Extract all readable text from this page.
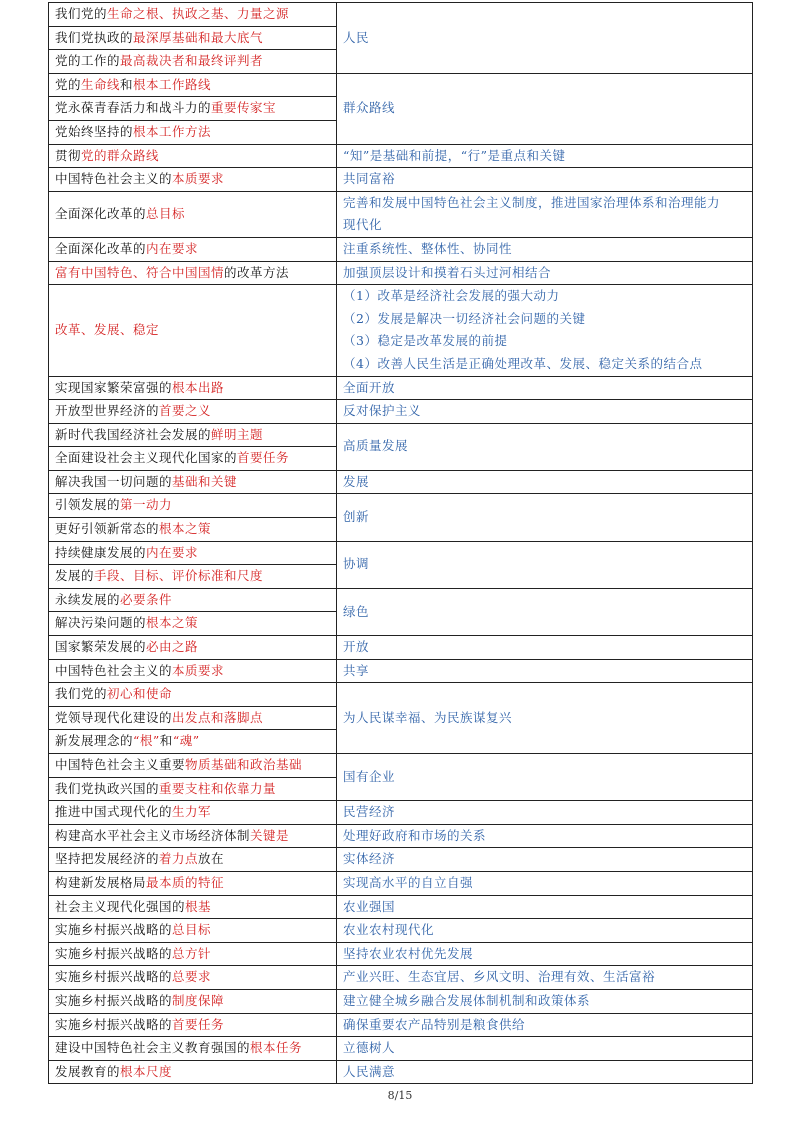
我们党的生命之根、执政之基、力量之源	人民

我们党执政的最深厚基础和最大底气	
党的工作的最高裁决者和最终评判者	
党的生命线和根本工作路线	群众路线

党永葆青春活力和战斗力的重要传家宝	
党始终坚持的根本工作方法	
贯彻党的群众路线	“知”是基础和前提，“行”是重点和关键

中国特色社会主义的本质要求	共同富裕

全面深化改革的总目标	完善和发展中国特色社会主义制度，推进国家治理体系和治理能力
现代化

全面深化改革的内在要求	注重系统性、整体性、协同性

富有中国特色、符合中国国情的改革方法	加强顶层设计和摸着石头过河相结合

改革、发展、稳定	（1）改革是经济社会发展的强大动力
（2）发展是解决一切经济社会问题的关键
（3）稳定是改革发展的前提
（4）改善人民生活是正确处理改革、发展、稳定关系的结合点

实现国家繁荣富强的根本出路	全面开放

开放型世界经济的首要之义	反对保护主义

新时代我国经济社会发展的鲜明主题	高质量发展

全面建设社会主义现代化国家的首要任务	
解决我国一切问题的基础和关键	发展

引领发展的第一动力	创新

更好引领新常态的根本之策	
持续健康发展的内在要求	协调

发展的手段、目标、评价标准和尺度	
永续发展的必要条件	绿色

解决污染问题的根本之策	
国家繁荣发展的必由之路	开放

中国特色社会主义的本质要求	共享

我们党的初心和使命	为人民谋幸福、为民族谋复兴

党领导现代化建设的出发点和落脚点	
新发展理念的“根”和“魂”	
中国特色社会主义重要物质基础和政治基础	国有企业

我们党执政兴国的重要支柱和依靠力量	
推进中国式现代化的生力军	民营经济

构建高水平社会主义市场经济体制关键是	处理好政府和市场的关系

坚持把发展经济的着力点放在	实体经济

构建新发展格局最本质的特征	实现高水平的自立自强

社会主义现代化强国的根基	农业强国

实施乡村振兴战略的总目标	农业农村现代化

实施乡村振兴战略的总方针	坚持农业农村优先发展

实施乡村振兴战略的总要求	产业兴旺、生态宜居、乡风文明、治理有效、生活富裕

实施乡村振兴战略的制度保障	建立健全城乡融合发展体制机制和政策体系

实施乡村振兴战略的首要任务	确保重要农产品特别是粮食供给

建设中国特色社会主义教育强国的根本任务	立德树人

发展教育的根本尺度	人民满意
8/15
